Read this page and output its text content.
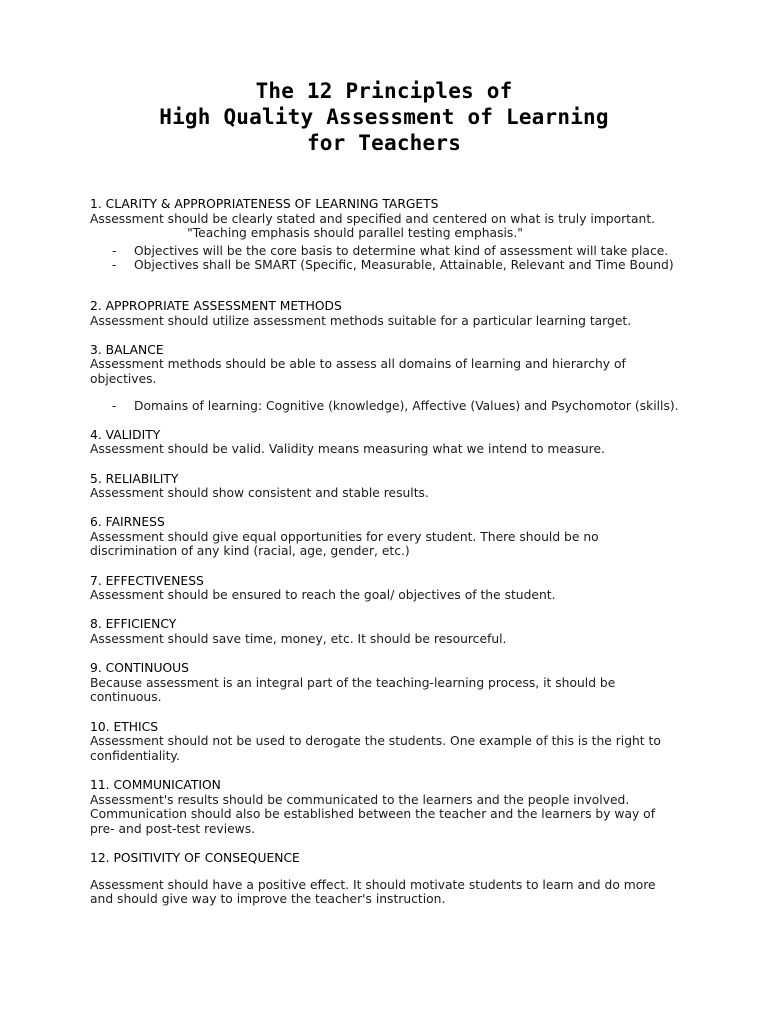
The 12 Principles of
High Quality Assessment of Learning
for Teachers
1. CLARITY & APPROPRIATENESS OF LEARNING TARGETS
Assessment should be clearly stated and specified and centered on what is truly important.
"Teaching emphasis should parallel testing emphasis."
- Objectives will be the core basis to determine what kind of assessment will take place.
- Objectives shall be SMART (Specific, Measurable, Attainable, Relevant and Time Bound)
2. APPROPRIATE ASSESSMENT METHODS
Assessment should utilize assessment methods suitable for a particular learning target.
3. BALANCE
Assessment methods should be able to assess all domains of learning and hierarchy of objectives.
- Domains of learning: Cognitive (knowledge), Affective (Values) and Psychomotor (skills).
4. VALIDITY
Assessment should be valid. Validity means measuring what we intend to measure.
5. RELIABILITY
Assessment should show consistent and stable results.
6. FAIRNESS
Assessment should give equal opportunities for every student. There should be no discrimination of any kind (racial, age, gender, etc.)
7. EFFECTIVENESS
Assessment should be ensured to reach the goal/ objectives of the student.
8. EFFICIENCY
Assessment should save time, money, etc. It should be resourceful.
9. CONTINUOUS
Because assessment is an integral part of the teaching-learning process, it should be continuous.
10. ETHICS
Assessment should not be used to derogate the students. One example of this is the right to confidentiality.
11. COMMUNICATION
Assessment's results should be communicated to the learners and the people involved. Communication should also be established between the teacher and the learners by way of pre- and post-test reviews.
12. POSITIVITY OF CONSEQUENCE
Assessment should have a positive effect. It should motivate students to learn and do more and should give way to improve the teacher's instruction.
